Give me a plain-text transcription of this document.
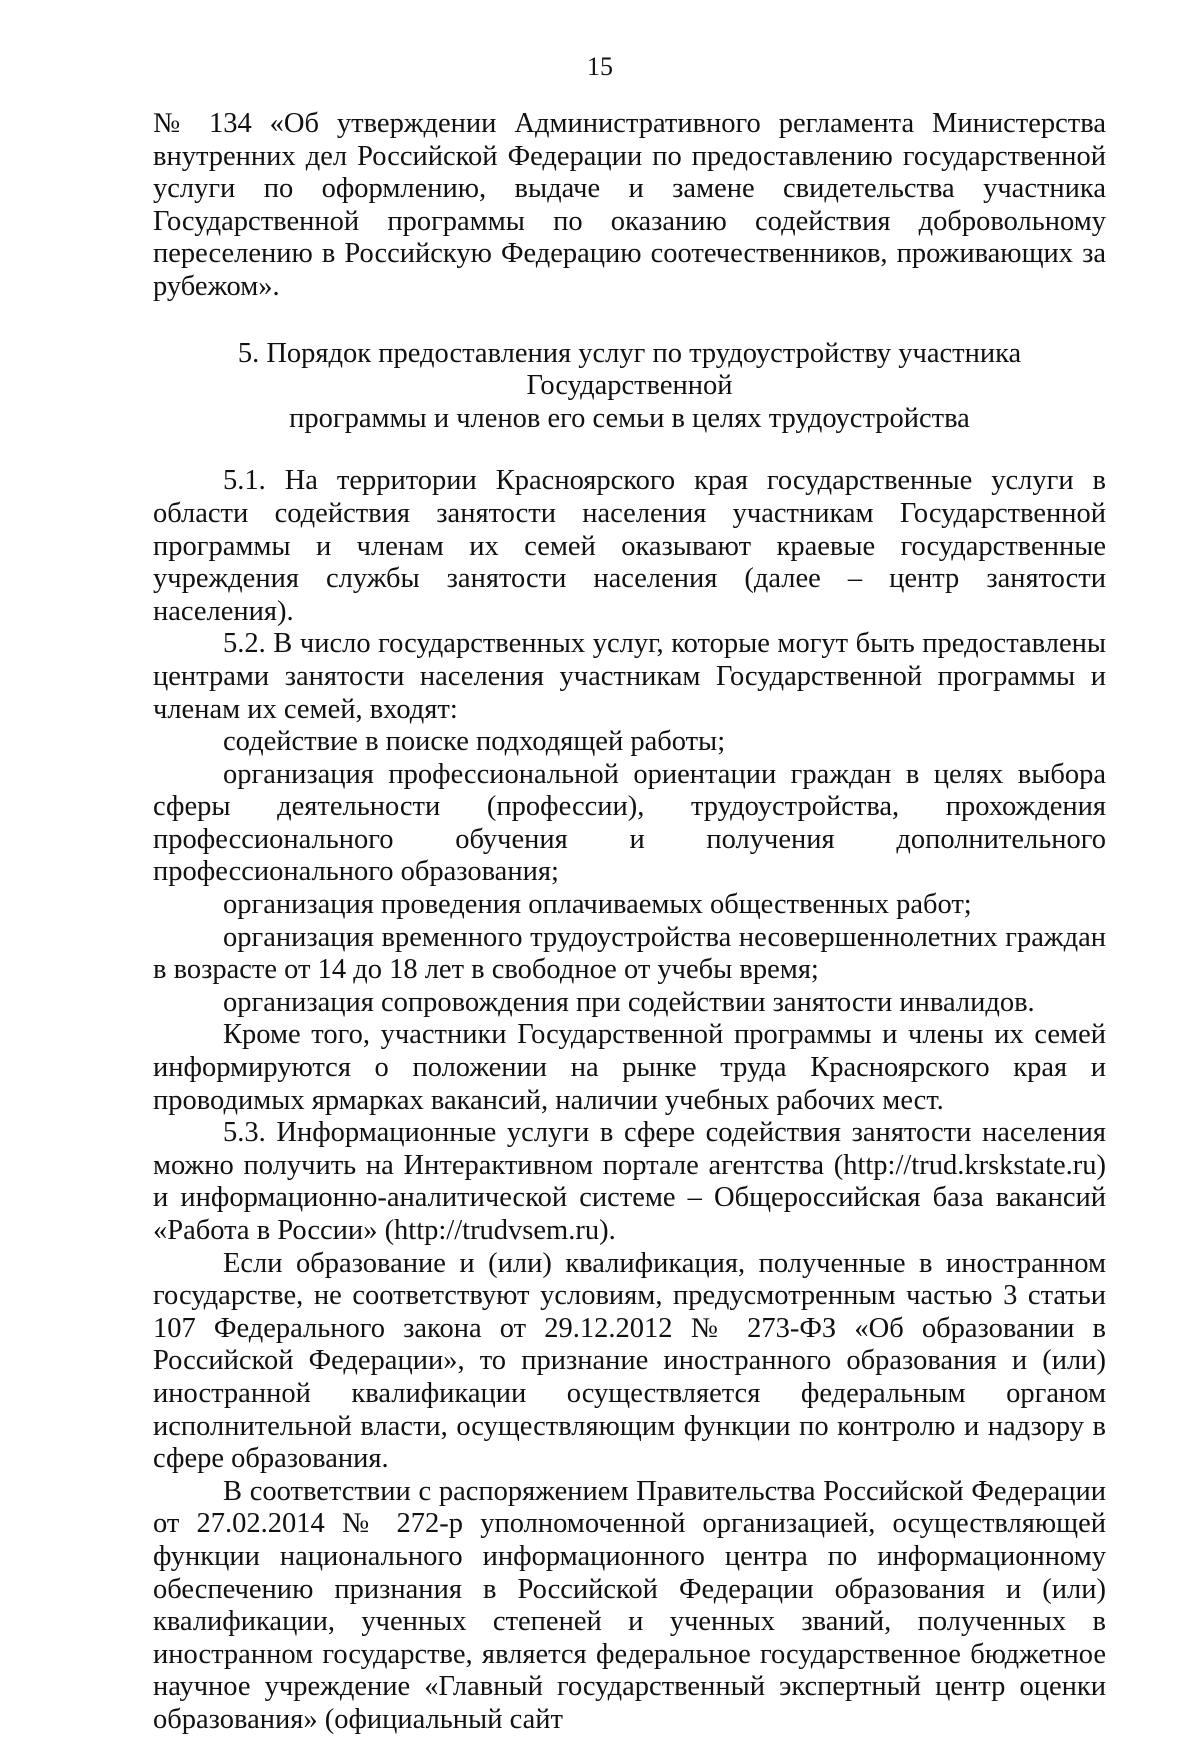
15

№ 134 «Об утверждении Административного регламента Министерства внутренних дел Российской Федерации по предоставлению государственной услуги по оформлению, выдаче и замене свидетельства участника Государственной программы по оказанию содействия добровольному переселению в Российскую Федерацию соотечественников, проживающих за рубежом».

5. Порядок предоставления услуг по трудоустройству участника Государственной
программы и членов его семьи в целях трудоустройства

5.1. На территории Красноярского края государственные услуги в области содействия занятости населения участникам Государственной программы и членам их семей оказывают краевые государственные учреждения службы занятости населения (далее – центр занятости населения).

5.2. В число государственных услуг, которые могут быть предоставлены центрами занятости населения участникам Государственной программы и членам их семей, входят:

содействие в поиске подходящей работы;

организация профессиональной ориентации граждан в целях выбора сферы деятельности (профессии), трудоустройства, прохождения профессионального обучения и получения дополнительного профессионального образования;

организация проведения оплачиваемых общественных работ;

организация временного трудоустройства несовершеннолетних граждан в возрасте от 14 до 18 лет в свободное от учебы время;

организация сопровождения при содействии занятости инвалидов.

Кроме того, участники Государственной программы и члены их семей информируются о положении на рынке труда Красноярского края и проводимых ярмарках вакансий, наличии учебных рабочих мест.

5.3. Информационные услуги в сфере содействия занятости населения можно получить на Интерактивном портале агентства (http://trud.krskstate.ru) и информационно-аналитической системе – Общероссийская база вакансий «Работа в России» (http://trudvsem.ru).

Если образование и (или) квалификация, полученные в иностранном государстве, не соответствуют условиям, предусмотренным частью 3 статьи 107 Федерального закона от 29.12.2012 № 273-ФЗ «Об образовании в Российской Федерации», то признание иностранного образования и (или) иностранной квалификации осуществляется федеральным органом исполнительной власти, осуществляющим функции по контролю и надзору в сфере образования.

В соответствии с распоряжением Правительства Российской Федерации от 27.02.2014 № 272-р уполномоченной организацией, осуществляющей функции национального информационного центра по информационному обеспечению признания в Российской Федерации образования и (или) квалификации, ученных степеней и ученных званий, полученных в иностранном государстве, является федеральное государственное бюджетное научное учреждение «Главный государственный экспертный центр оценки образования» (официальный сайт
